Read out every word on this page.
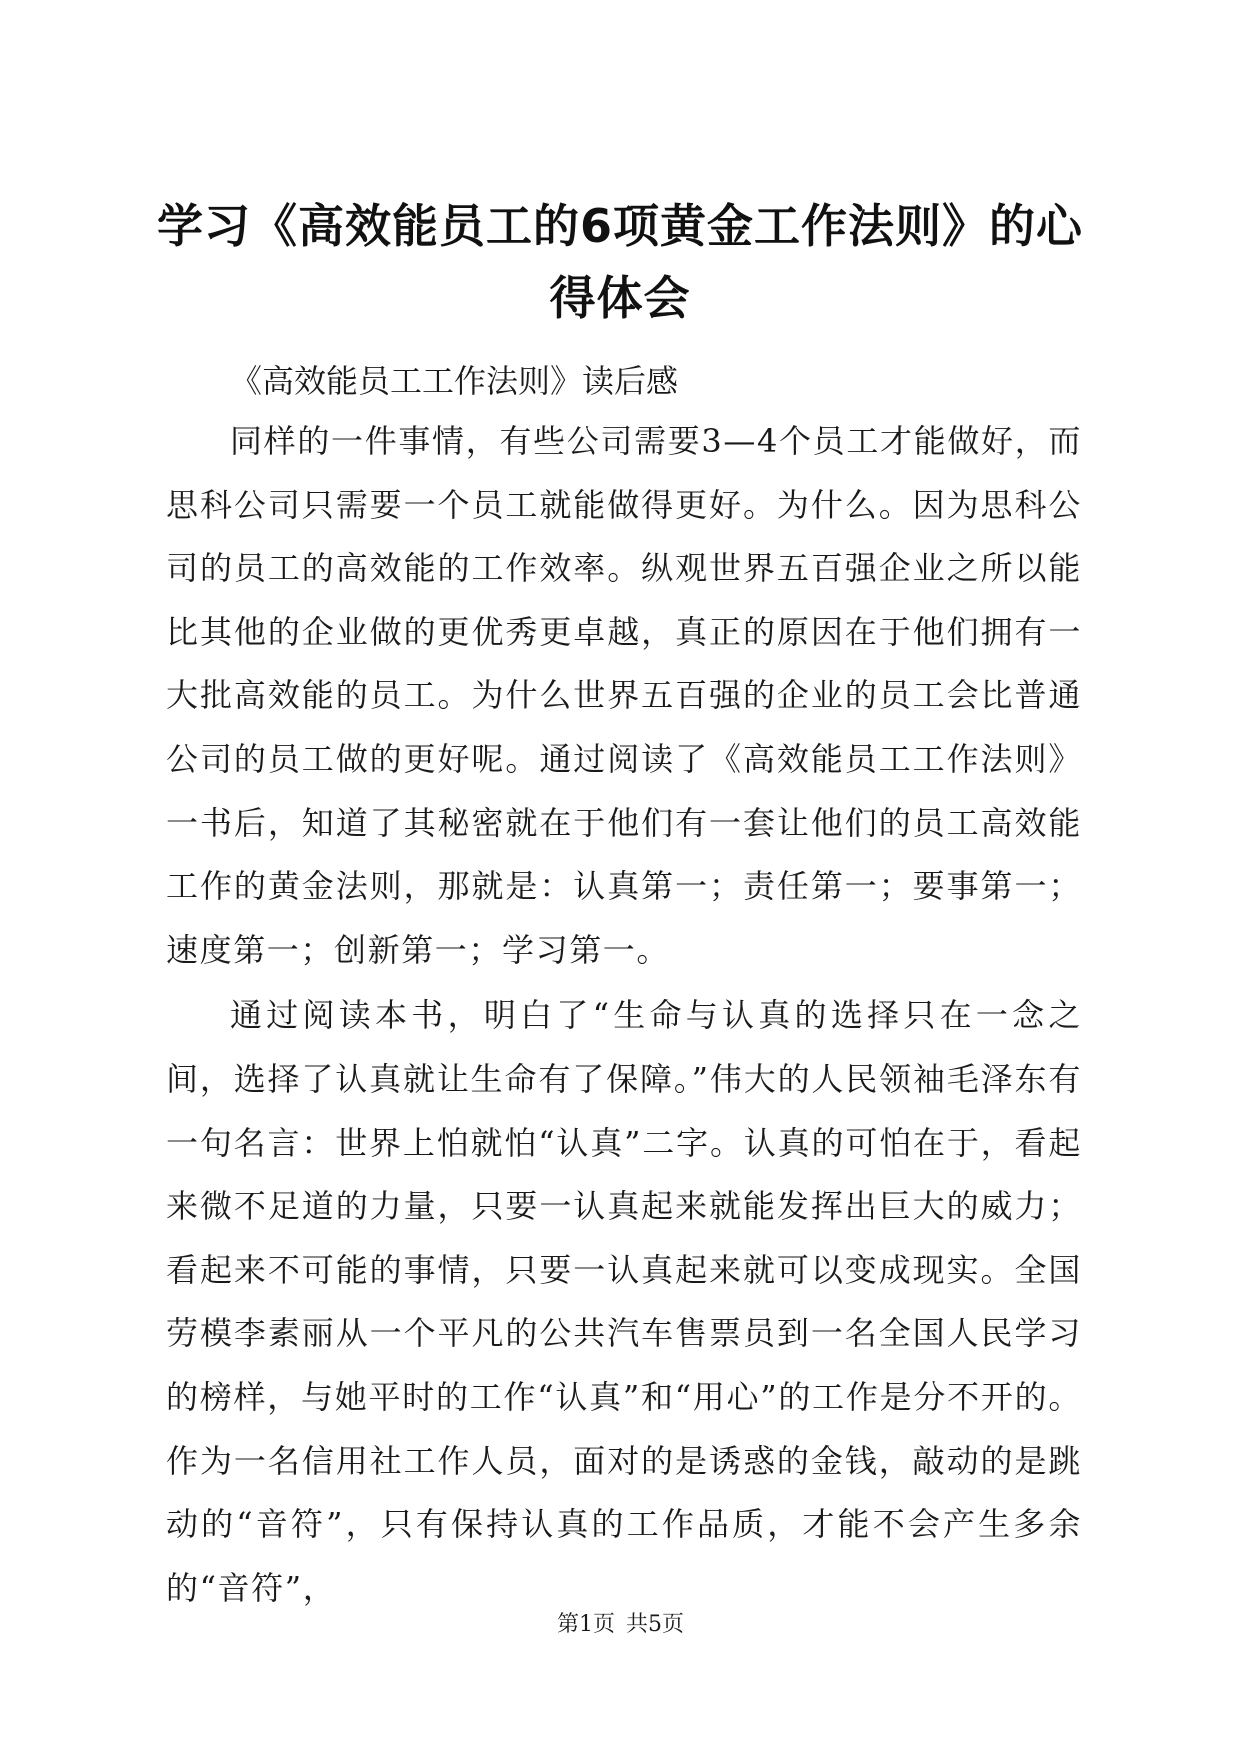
学习《高效能员工的6项黄金工作法则》的心得体会

《高效能员工工作法则》读后感

同样的一件事情，有些公司需要3—4个员工才能做好，而思科公司只需要一个员工就能做得更好。为什么。因为思科公司的员工的高效能的工作效率。纵观世界五百强企业之所以能比其他的企业做的更优秀更卓越，真正的原因在于他们拥有一大批高效能的员工。为什么世界五百强的企业的员工会比普通公司的员工做的更好呢。通过阅读了《高效能员工工作法则》一书后，知道了其秘密就在于他们有一套让他们的员工高效能工作的黄金法则，那就是：认真第一；责任第一；要事第一；速度第一；创新第一；学习第一。

通过阅读本书，明白了“生命与认真的选择只在一念之间，选择了认真就让生命有了保障。”伟大的人民领袖毛泽东有一句名言：世界上怕就怕“认真”二字。认真的可怕在于，看起来微不足道的力量，只要一认真起来就能发挥出巨大的威力；看起来不可能的事情，只要一认真起来就可以变成现实。全国劳模李素丽从一个平凡的公共汽车售票员到一名全国人民学习的榜样，与她平时的工作“认真”和“用心”的工作是分不开的。作为一名信用社工作人员，面对的是诱惑的金钱，敲动的是跳动的“音符”，只有保持认真的工作品质，才能不会产生多余的“音符”，

第1页 共5页
